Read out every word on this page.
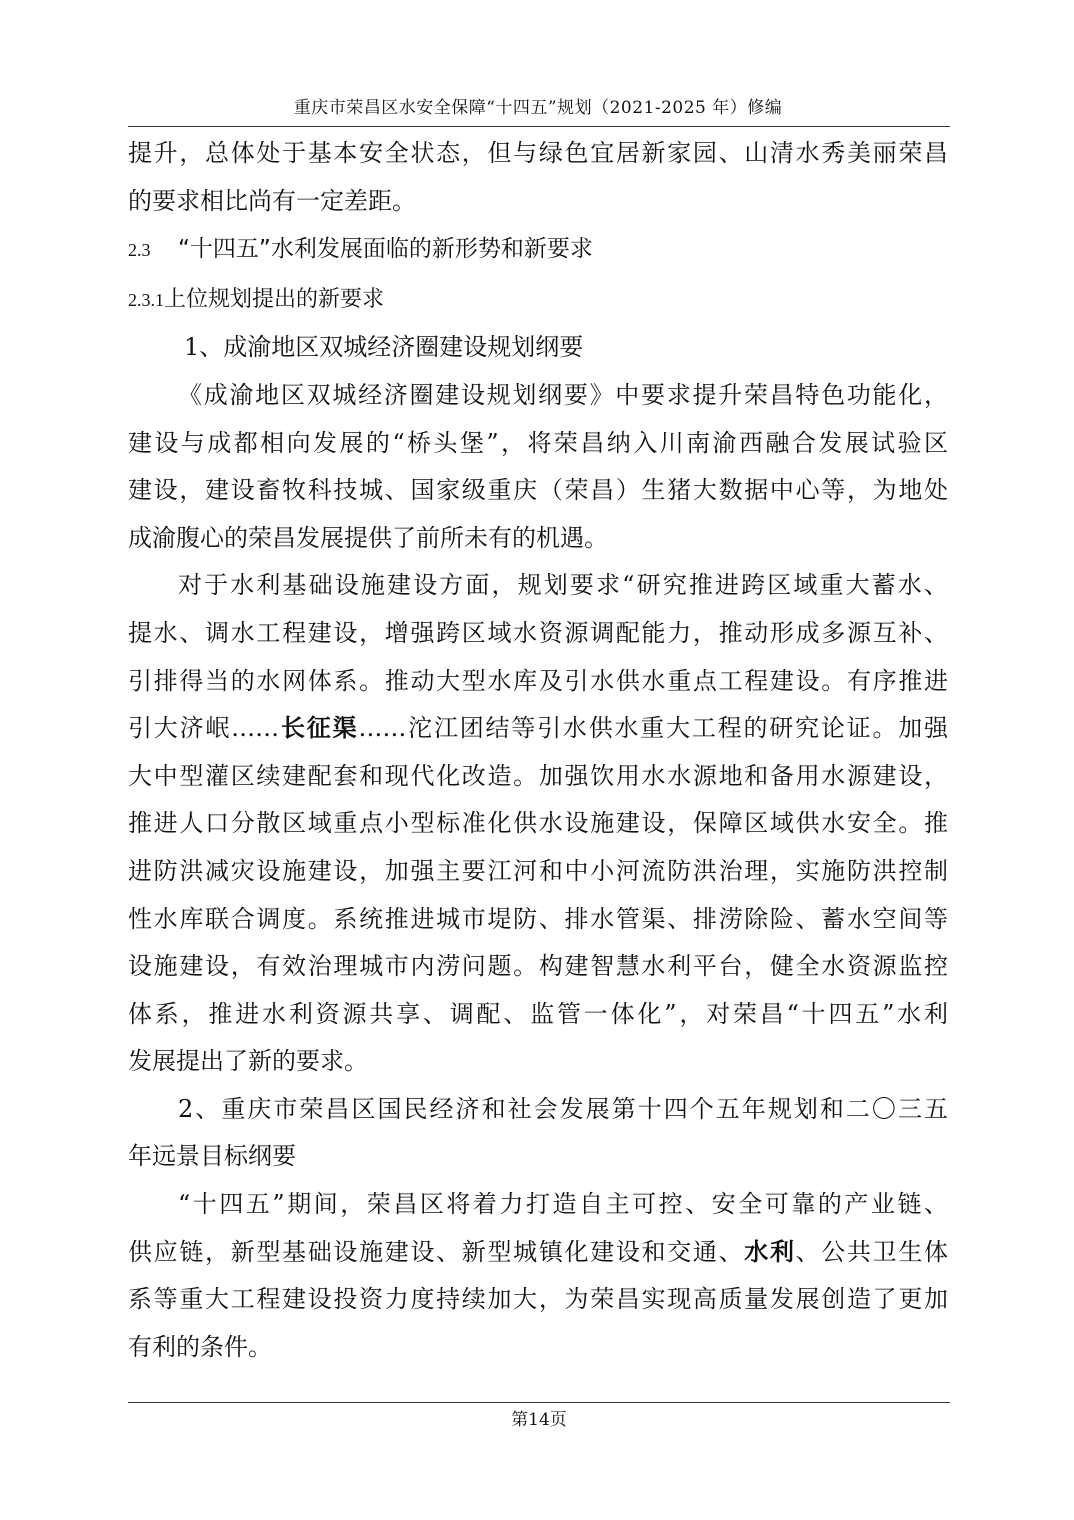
重庆市荣昌区水安全保障“十四五”规划（2021-2025 年）修编

提升，总体处于基本安全状态，但与绿色宜居新家园、山清水秀美丽荣昌
的要求相比尚有一定差距。

2.3 “十四五”水利发展面临的新形势和新要求

2.3.1上位规划提出的新要求

1、成渝地区双城经济圈建设规划纲要

《成渝地区双城经济圈建设规划纲要》中要求提升荣昌特色功能化，
建设与成都相向发展的“桥头堡”，将荣昌纳入川南渝西融合发展试验区
建设，建设畜牧科技城、国家级重庆（荣昌）生猪大数据中心等，为地处
成渝腹心的荣昌发展提供了前所未有的机遇。

对于水利基础设施建设方面，规划要求“研究推进跨区域重大蓄水、
提水、调水工程建设，增强跨区域水资源调配能力，推动形成多源互补、
引排得当的水网体系。推动大型水库及引水供水重点工程建设。有序推进
引大济岷……长征渠……沱江团结等引水供水重大工程的研究论证。加强
大中型灌区续建配套和现代化改造。加强饮用水水源地和备用水源建设，
推进人口分散区域重点小型标准化供水设施建设，保障区域供水安全。推
进防洪减灾设施建设，加强主要江河和中小河流防洪治理，实施防洪控制
性水库联合调度。系统推进城市堤防、排水管渠、排涝除险、蓄水空间等
设施建设，有效治理城市内涝问题。构建智慧水利平台，健全水资源监控
体系，推进水利资源共享、调配、监管一体化”，对荣昌“十四五”水利
发展提出了新的要求。

2、重庆市荣昌区国民经济和社会发展第十四个五年规划和二〇三五
年远景目标纲要

“十四五”期间，荣昌区将着力打造自主可控、安全可靠的产业链、
供应链，新型基础设施建设、新型城镇化建设和交通、水利、公共卫生体
系等重大工程建设投资力度持续加大，为荣昌实现高质量发展创造了更加
有利的条件。

第14页
